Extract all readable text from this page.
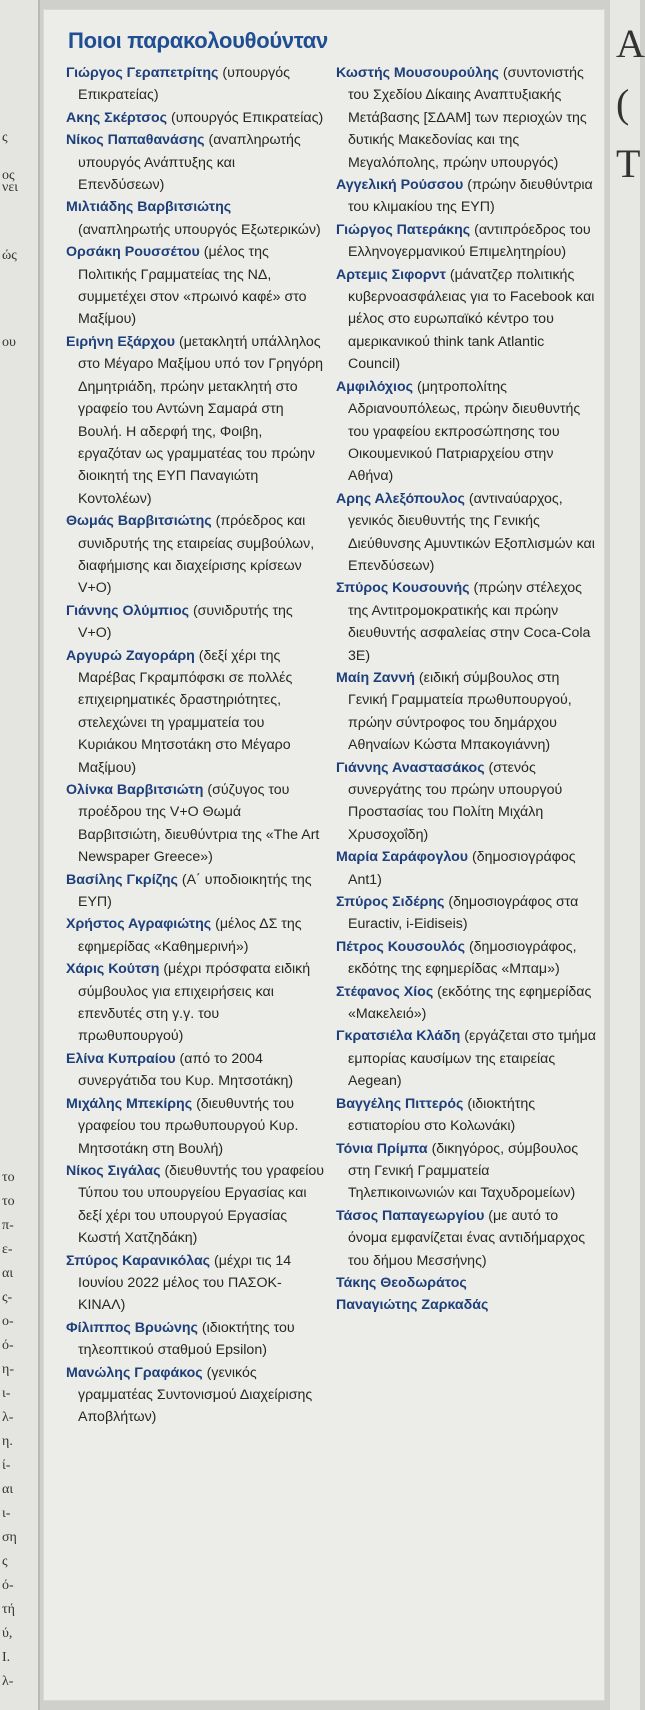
ς
ος
νει
ώς
ου
το
το
π-
ε-
αι
ς-
ο-
ό-
η-
ι-
λ-
η.
ί-
αι
ι-
ση
ς
ό-
τή
ύ,
Ι.
λ-
Α
(
Τ
Ποιοι παρακολουθούνταν
Γιώργος Γεραπετρίτης (υπουργός Επικρατείας)
Ακης Σκέρτσος (υπουργός Επικρατείας)
Νίκος Παπαθανάσης (αναπληρωτής υπουργός Ανάπτυξης και Επενδύσεων)
Μιλτιάδης Βαρβιτσιώτης (αναπληρωτής υπουργός Εξωτερικών)
Ορσάκη Ρουσσέτου (μέλος της Πολιτικής Γραμματείας της ΝΔ, συμμετέχει στον «πρωινό καφέ» στο Μαξίμου)
Ειρήνη Εξάρχου (μετακλητή υπάλληλος στο Μέγαρο Μαξίμου υπό τον Γρηγόρη Δημητριάδη, πρώην μετακλητή στο γραφείο του Αντώνη Σαμαρά στη Βουλή. Η αδερφή της, Φοιβη, εργαζόταν ως γραμματέας του πρώην διοικητή της ΕΥΠ Παναγιώτη Κοντολέων)
Θωμάς Βαρβιτσιώτης (πρόεδρος και συνιδρυτής της εταιρείας συμβούλων, διαφήμισης και διαχείρισης κρίσεων V+O)
Γιάννης Ολύμπιος (συνιδρυτής της V+O)
Αργυρώ Ζαγοράρη (δεξί χέρι της Μαρέβας Γκραμπόφσκι σε πολλές επιχειρηματικές δραστηριότητες, στελεχώνει τη γραμματεία του Κυριάκου Μητσοτάκη στο Μέγαρο Μαξίμου)
Ολίνκα Βαρβιτσιώτη (σύζυγος του προέδρου της V+O Θωμά Βαρβιτσιώτη, διευθύντρια της «The Art Newspaper Greece»)
Βασίλης Γκρίζης (Α΄ υποδιοικητής της ΕΥΠ)
Χρήστος Αγραφιώτης (μέλος ΔΣ της εφημερίδας «Καθημερινή»)
Χάρις Κούτση (μέχρι πρόσφατα ειδική σύμβουλος για επιχειρήσεις και επενδυτές στη γ.γ. του πρωθυπουργού)
Ελίνα Κυπραίου (από το 2004 συνεργάτιδα του Κυρ. Μητσοτάκη)
Μιχάλης Μπεκίρης (διευθυντής του γραφείου του πρωθυπουργού Κυρ. Μητσοτάκη στη Βουλή)
Νίκος Σιγάλας (διευθυντής του γραφείου Τύπου του υπουργείου Εργασίας και δεξί χέρι του υπουργού Εργασίας Κωστή Χατζηδάκη)
Σπύρος Καρανικόλας (μέχρι τις 14 Ιουνίου 2022 μέλος του ΠΑΣΟΚ-ΚΙΝΑΛ)
Φίλιππος Βρυώνης (ιδιοκτήτης του τηλεοπτικού σταθμού Epsilon)
Μανώλης Γραφάκος (γενικός γραμματέας Συντονισμού Διαχείρισης Αποβλήτων)
Κωστής Μουσουρούλης (συντονιστής του Σχεδίου Δίκαιης Αναπτυξιακής Μετάβασης [ΣΔΑΜ] των περιοχών της δυτικής Μακεδονίας και της Μεγαλόπολης, πρώην υπουργός)
Αγγελική Ρούσσου (πρώην διευθύντρια του κλιμακίου της ΕΥΠ)
Γιώργος Πατεράκης (αντιπρόεδρος του Ελληνογερμανικού Επιμελητηρίου)
Αρτεμις Σιφορντ (μάνατζερ πολιτικής κυβερνοασφάλειας για το Facebook και μέλος στο ευρωπαϊκό κέντρο του αμερικανικού think tank Atlantic Council)
Αμφιλόχιος (μητροπολίτης Αδριανουπόλεως, πρώην διευθυντής του γραφείου εκπροσώπησης του Οικουμενικού Πατριαρχείου στην Αθήνα)
Αρης Αλεξόπουλος (αντιναύαρχος, γενικός διευθυντής της Γενικής Διεύθυνσης Αμυντικών Εξοπλισμών και Επενδύσεων)
Σπύρος Κουσουνής (πρώην στέλεχος της Αντιτρομοκρατικής και πρώην διευθυντής ασφαλείας στην Coca-Cola 3E)
Μαίη Ζαννή (ειδική σύμβουλος στη Γενική Γραμματεία πρωθυπουργού, πρώην σύντροφος του δημάρχου Αθηναίων Κώστα Μπακογιάννη)
Γιάννης Αναστασάκος (στενός συνεργάτης του πρώην υπουργού Προστασίας του Πολίτη Μιχάλη Χρυσοχοΐδη)
Μαρία Σαράφογλου (δημοσιογράφος Ant1)
Σπύρος Σιδέρης (δημοσιογράφος στα Euractiv, i-Eidiseis)
Πέτρος Κουσουλός (δημοσιογράφος, εκδότης της εφημερίδας «Μπαμ»)
Στέφανος Χίος (εκδότης της εφημερίδας «Μακελειό»)
Γκρατσιέλα Κλάδη (εργάζεται στο τμήμα εμπορίας καυσίμων της εταιρείας Aegean)
Βαγγέλης Πιττερός (ιδιοκτήτης εστιατορίου στο Κολωνάκι)
Τόνια Πρίμπα (δικηγόρος, σύμβουλος στη Γενική Γραμματεία Τηλεπικοινωνιών και Ταχυδρομείων)
Τάσος Παπαγεωργίου (με αυτό το όνομα εμφανίζεται ένας αντιδήμαρχος του δήμου Μεσσήνης)
Τάκης Θεοδωράτος
Παναγιώτης Ζαρκαδάς
